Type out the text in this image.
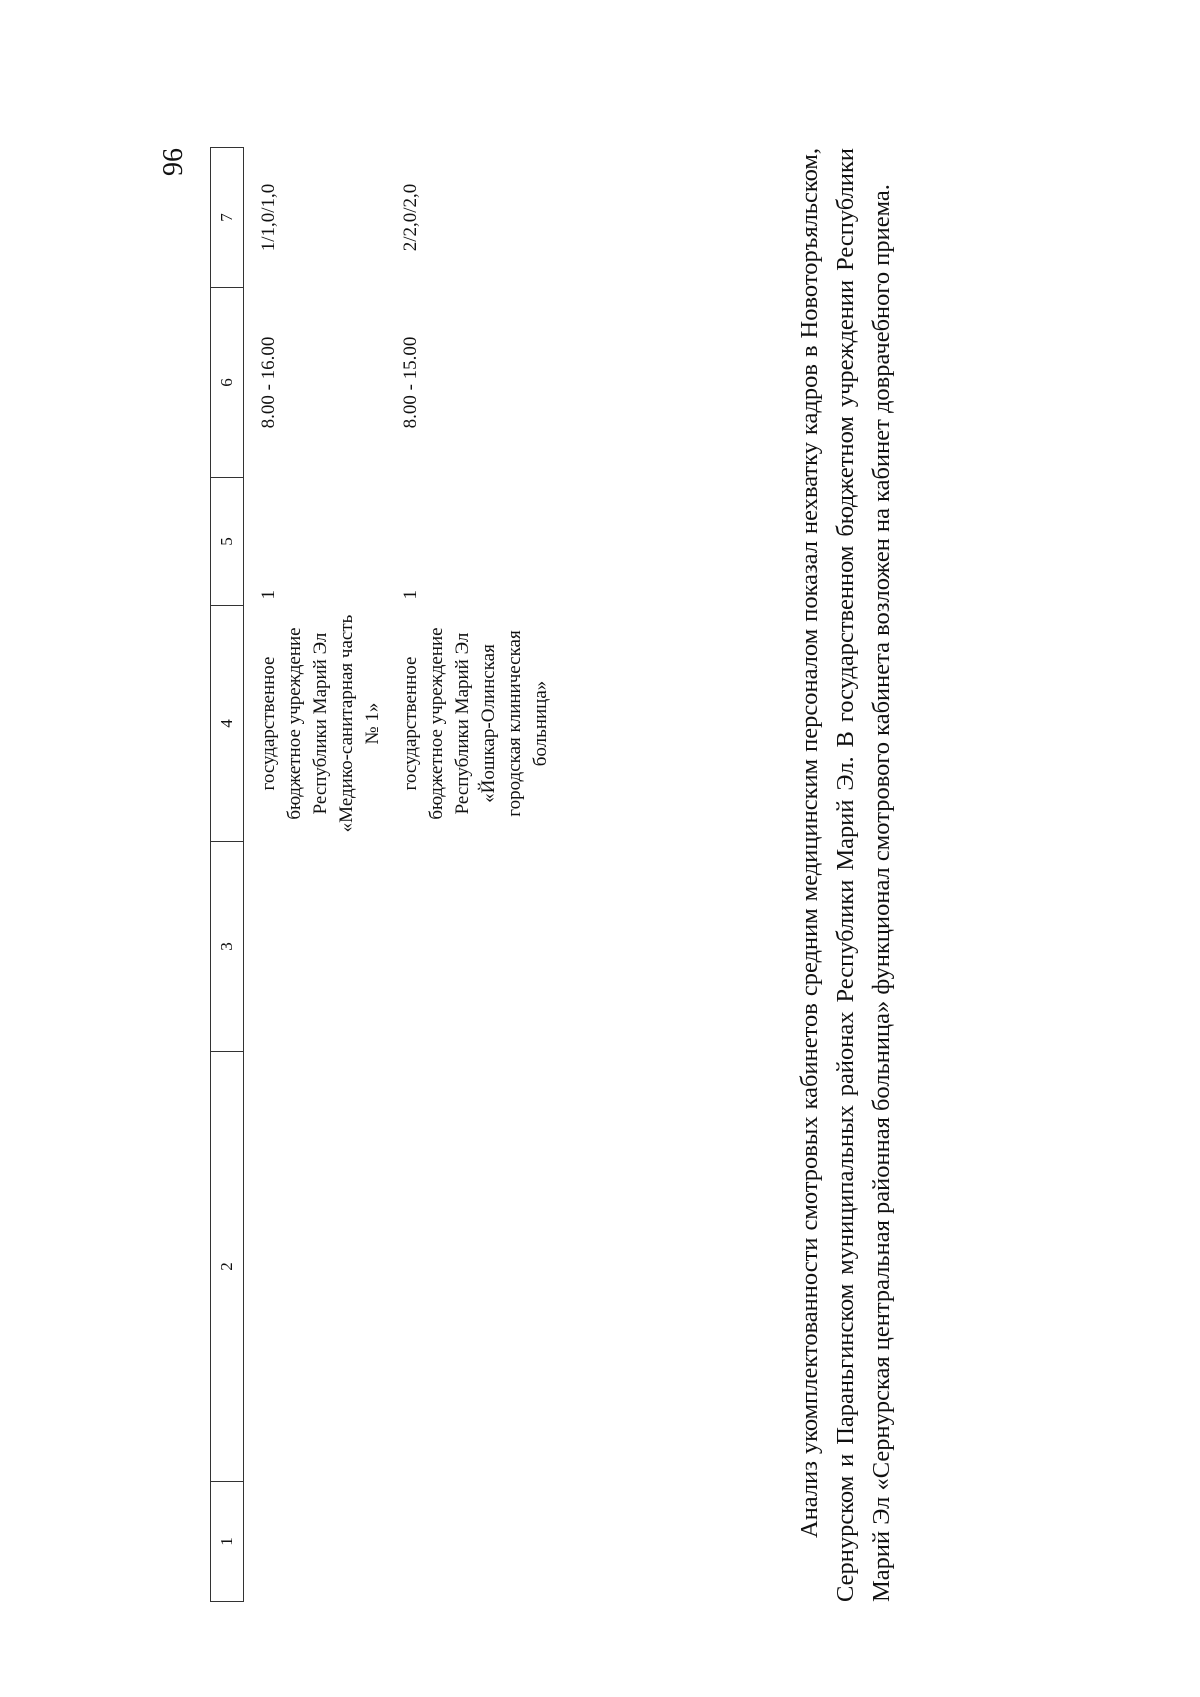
96
1	2	3	4	5	6	7
			государственное бюджетное учреждение Республики Марий Эл «Медико-санитарная часть № 1»	1	8.00 - 16.00	1/1,0/1,0
			государственное бюджетное учреждение Республики Марий Эл «Йошкар-Олинская городская клиническая больница»	1	8.00 - 15.00	2/2,0/2,0	Анализ укомплектованности смотровых кабинетов средним медицинским персоналом показал нехватку кадров в Новоторъяльском, Сернурском и Параньгинском муниципальных районах Республики Марий Эл. В государственном бюджетном учреждении Республики Марий Эл «Сернурская центральная районная больница» функционал смотрового кабинета возложен на кабинет доврачебного приема.
